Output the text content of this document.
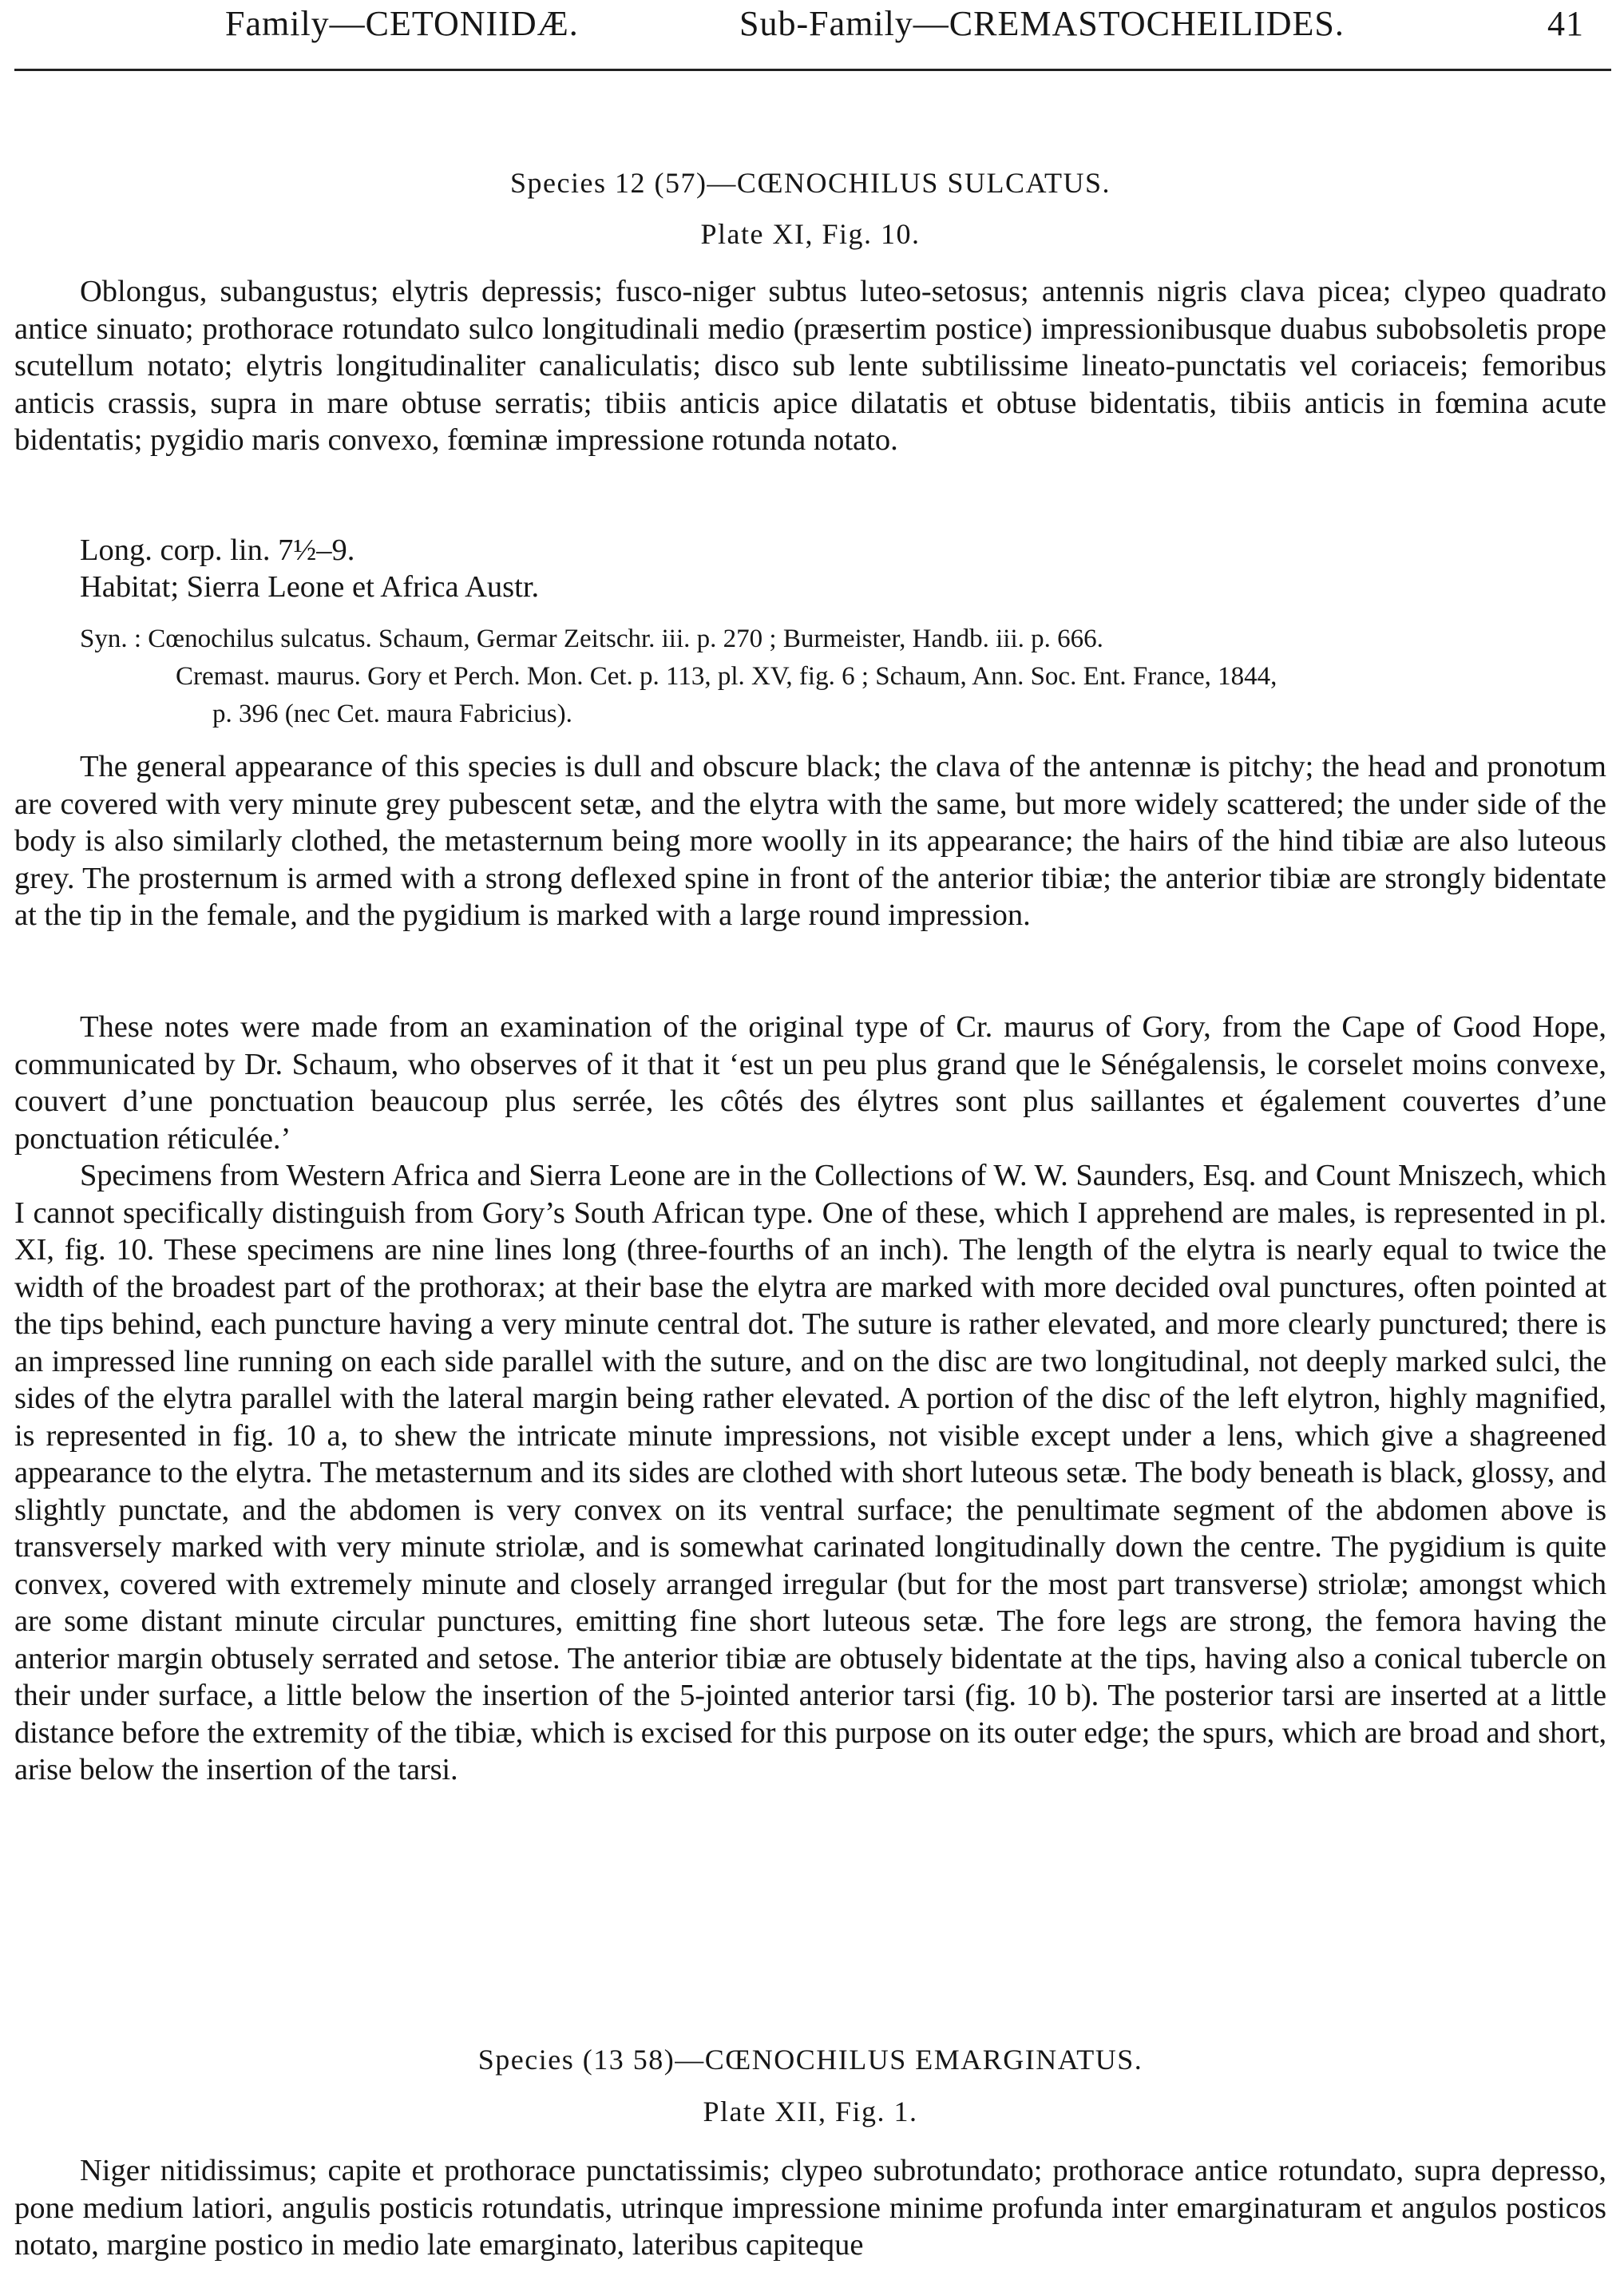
Family—CETONIIDÆ.	Sub-Family—CREMASTOCHEILIDES.	41
Species 12 (57)—CŒNOCHILUS SULCATUS.
Plate XI, Fig. 10.

Oblongus, subangustus; elytris depressis; fusco-niger subtus luteo-setosus; antennis nigris clava picea; clypeo quadrato antice sinuato; prothorace rotundato sulco longitudinali medio (præsertim postice) impressionibusque duabus subobsoletis prope scutellum notato; elytris longitudinaliter canaliculatis; disco sub lente subtilissime lineato-punctatis vel coriaceis; femoribus anticis crassis, supra in mare obtuse serratis; tibiis anticis apice dilatatis et obtuse bidentatis, tibiis anticis in fœmina acute bidentatis; pygidio maris convexo, fœminæ impressione rotunda notato.

Long. corp. lin. 7½–9.
Habitat; Sierra Leone et Africa Austr.
Syn. : Cœnochilus sulcatus. Schaum, Germar Zeitschr. iii. p. 270 ; Burmeister, Handb. iii. p. 666.
Cremast. maurus. Gory et Perch. Mon. Cet. p. 113, pl. XV, fig. 6 ; Schaum, Ann. Soc. Ent. France, 1844,
p. 396 (nec Cet. maura Fabricius).

The general appearance of this species is dull and obscure black; the clava of the antennæ is pitchy; the head and pronotum are covered with very minute grey pubescent setæ, and the elytra with the same, but more widely scattered; the under side of the body is also similarly clothed, the metasternum being more woolly in its appearance; the hairs of the hind tibiæ are also luteous grey. The prosternum is armed with a strong deflexed spine in front of the anterior tibiæ; the anterior tibiæ are strongly bidentate at the tip in the female, and the pygidium is marked with a large round impression.

These notes were made from an examination of the original type of Cr. maurus of Gory, from the Cape of Good Hope, communicated by Dr. Schaum, who observes of it that it ‘est un peu plus grand que le Sénégalensis, le corselet moins convexe, couvert d’une ponctuation beaucoup plus serrée, les côtés des élytres sont plus saillantes et également couvertes d’une ponctuation réticulée.’

Specimens from Western Africa and Sierra Leone are in the Collections of W. W. Saunders, Esq. and Count Mniszech, which I cannot specifically distinguish from Gory’s South African type. One of these, which I apprehend are males, is represented in pl. XI, fig. 10. These specimens are nine lines long (three-fourths of an inch). The length of the elytra is nearly equal to twice the width of the broadest part of the prothorax; at their base the elytra are marked with more decided oval punctures, often pointed at the tips behind, each puncture having a very minute central dot. The suture is rather elevated, and more clearly punctured; there is an impressed line running on each side parallel with the suture, and on the disc are two longitudinal, not deeply marked sulci, the sides of the elytra parallel with the lateral margin being rather elevated. A portion of the disc of the left elytron, highly magnified, is represented in fig. 10 a, to shew the intricate minute impressions, not visible except under a lens, which give a shagreened appearance to the elytra. The metasternum and its sides are clothed with short luteous setæ. The body beneath is black, glossy, and slightly punctate, and the abdomen is very convex on its ventral surface; the penultimate segment of the abdomen above is transversely marked with very minute striolæ, and is somewhat carinated longitudinally down the centre. The pygidium is quite convex, covered with extremely minute and closely arranged irregular (but for the most part transverse) striolæ; amongst which are some distant minute circular punctures, emitting fine short luteous setæ. The fore legs are strong, the femora having the anterior margin obtusely serrated and setose. The anterior tibiæ are obtusely bidentate at the tips, having also a conical tubercle on their under surface, a little below the insertion of the 5-jointed anterior tarsi (fig. 10 b). The posterior tarsi are inserted at a little distance before the extremity of the tibiæ, which is excised for this purpose on its outer edge; the spurs, which are broad and short, arise below the insertion of the tarsi.

Species (13 58)—CŒNOCHILUS EMARGINATUS.
Plate XII, Fig. 1.

Niger nitidissimus; capite et prothorace punctatissimis; clypeo subrotundato; prothorace antice rotundato, supra depresso, pone medium latiori, angulis posticis rotundatis, utrinque impressione minime profunda inter emarginaturam et angulos posticos notato, margine postico in medio late emarginato, lateribus capiteque
